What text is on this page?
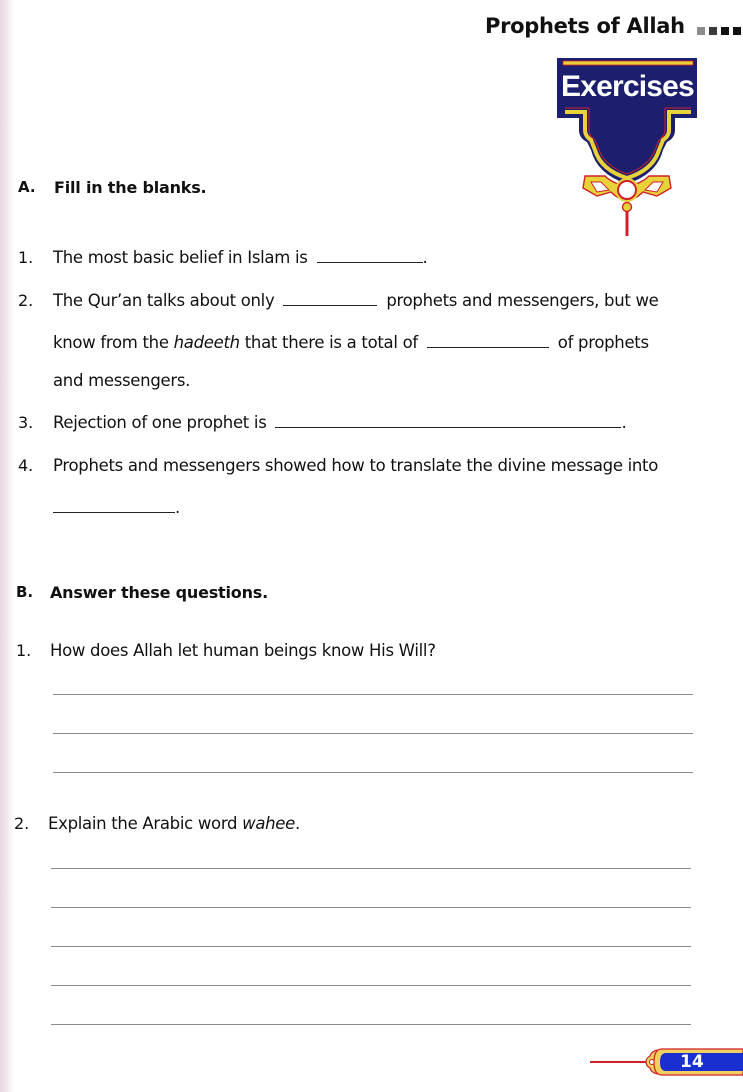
Prophets of Allah
Exercises
A. Fill in the blanks.
1. The most basic belief in Islam is	.
2. The Qur’an talks about only	prophets and messengers, but we
know from the hadeeth that there is a total of	of prophets
and messengers.
3. Rejection of one prophet is	.
4. Prophets and messengers showed how to translate the divine message into
.
B. Answer these questions.
1. How does Allah let human beings know His Will?
2. Explain the Arabic word wahee.
14
